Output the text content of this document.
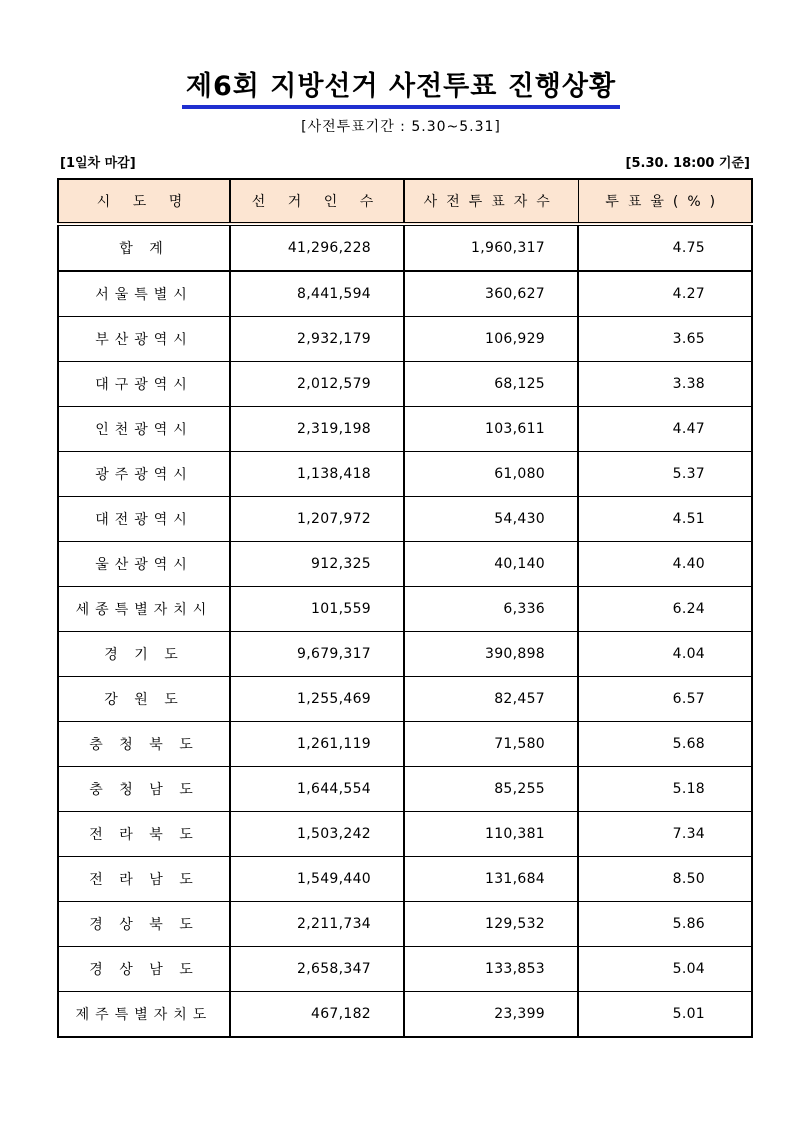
제6회 지방선거 사전투표 진행상황
[사전투표기간 : 5.30~5.31]
[1일차 마감]	[5.30. 18:00 기준]
시 도 명	선 거 인 수	사전투표자수	투표율(%)
합 계	41,296,228	1,960,317	4.75
서울특별시	8,441,594	360,627	4.27
부산광역시	2,932,179	106,929	3.65
대구광역시	2,012,579	68,125	3.38
인천광역시	2,319,198	103,611	4.47
광주광역시	1,138,418	61,080	5.37
대전광역시	1,207,972	54,430	4.51
울산광역시	912,325	40,140	4.40
세종특별자치시	101,559	6,336	6.24
경 기 도	9,679,317	390,898	4.04
강 원 도	1,255,469	82,457	6.57
충 청 북 도	1,261,119	71,580	5.68
충 청 남 도	1,644,554	85,255	5.18
전 라 북 도	1,503,242	110,381	7.34
전 라 남 도	1,549,440	131,684	8.50
경 상 북 도	2,211,734	129,532	5.86
경 상 남 도	2,658,347	133,853	5.04
제주특별자치도	467,182	23,399	5.01
